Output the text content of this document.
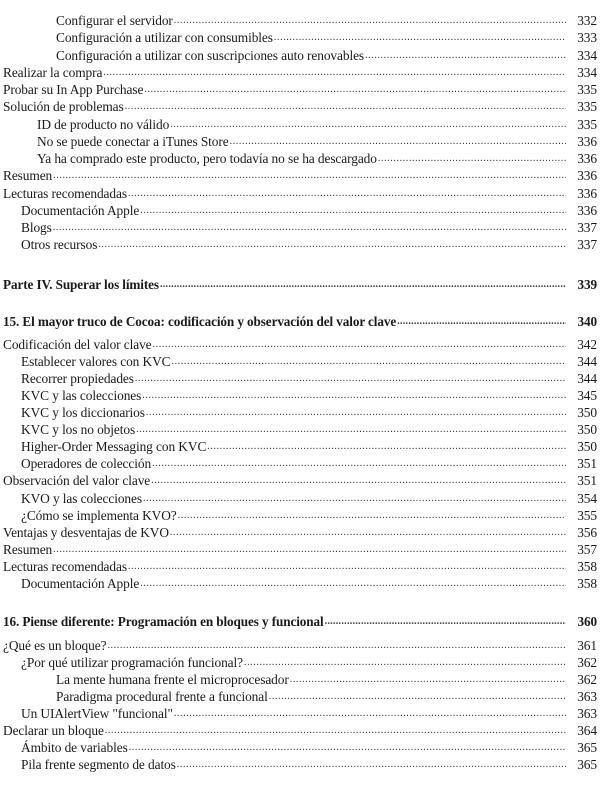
Configurar el servidor .....	332
Configuración a utilizar con consumibles .....	333
Configuración a utilizar con suscripciones auto renovables .....	334
Realizar la compra .....	334
Probar su In App Purchase .....	335
Solución de problemas .....	335
ID de producto no válido .....	335
No se puede conectar a iTunes Store .....	336
Ya ha comprado este producto, pero todavía no se ha descargado .....	336
Resumen .....	336
Lecturas recomendadas .....	336
Documentación Apple .....	336
Blogs .....	337
Otros recursos .....	337
Parte IV. Superar los límites .....	339
15. El mayor truco de Cocoa: codificación y observación del valor clave .....	340
Codificación del valor clave .....	342
Establecer valores con KVC .....	344
Recorrer propiedades .....	344
KVC y las colecciones .....	345
KVC y los diccionarios .....	350
KVC y los no objetos .....	350
Higher-Order Messaging con KVC .....	350
Operadores de colección .....	351
Observación del valor clave .....	351
KVO y las colecciones .....	354
¿Cómo se implementa KVO? .....	355
Ventajas y desventajas de KVO .....	356
Resumen .....	357
Lecturas recomendadas .....	358
Documentación Apple .....	358
16. Piense diferente: Programación en bloques y funcional .....	360
¿Qué es un bloque? .....	361
¿Por qué utilizar programación funcional? .....	362
La mente humana frente el microprocesador .....	362
Paradigma procedural frente a funcional .....	363
Un UIAlertView "funcional" .....	363
Declarar un bloque .....	364
Ámbito de variables .....	365
Pila frente segmento de datos .....	365
